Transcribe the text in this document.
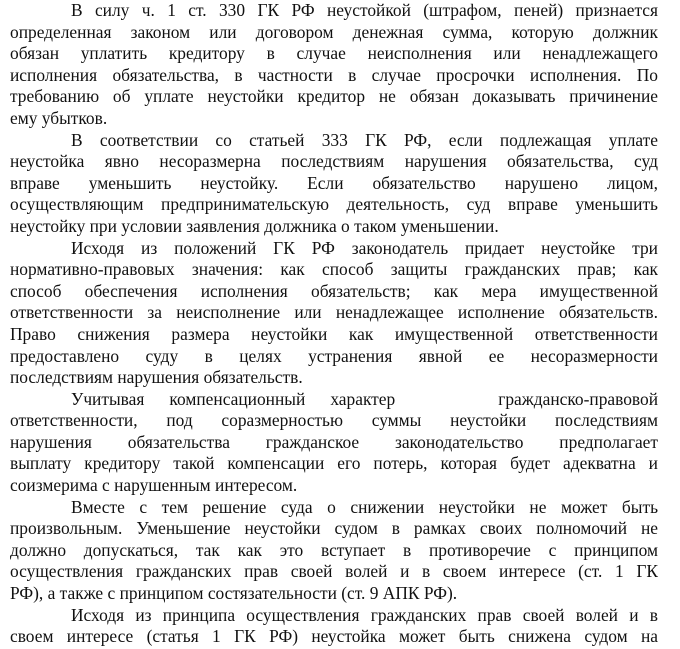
В силу ч. 1 ст. 330 ГК РФ неустойкой (штрафом, пеней) признается
определенная законом или договором денежная сумма, которую должник
обязан уплатить кредитору в случае неисполнения или ненадлежащего
исполнения обязательства, в частности в случае просрочки исполнения. По
требованию об уплате неустойки кредитор не обязан доказывать причинение
ему убытков.
В соответствии со статьей 333 ГК РФ, если подлежащая уплате
неустойка явно несоразмерна последствиям нарушения обязательства, суд
вправе уменьшить неустойку. Если обязательство нарушено лицом,
осуществляющим предпринимательскую деятельность, суд вправе уменьшить
неустойку при условии заявления должника о таком уменьшении.
Исходя из положений ГК РФ законодатель придает неустойке три
нормативно-правовых значения: как способ защиты гражданских прав; как
способ обеспечения исполнения обязательств; как мера имущественной
ответственности за неисполнение или ненадлежащее исполнение обязательств.
Право снижения размера неустойки как имущественной ответственности
предоставлено суду в целях устранения явной ее несоразмерности
последствиям нарушения обязательств.
Учитывая компенсационный характер	гражданско-правовой
ответственности, под соразмерностью суммы неустойки последствиям
нарушения обязательства гражданское законодательство предполагает
выплату кредитору такой компенсации его потерь, которая будет адекватна и
соизмерима с нарушенным интересом.
Вместе с тем решение суда о снижении неустойки не может быть
произвольным. Уменьшение неустойки судом в рамках своих полномочий не
должно допускаться, так как это вступает в противоречие с принципом
осуществления гражданских прав своей волей и в своем интересе (ст. 1 ГК
РФ), а также с принципом состязательности (ст. 9 АПК РФ).
Исходя из принципа осуществления гражданских прав своей волей и в
своем интересе (статья 1 ГК РФ) неустойка может быть снижена судом на
